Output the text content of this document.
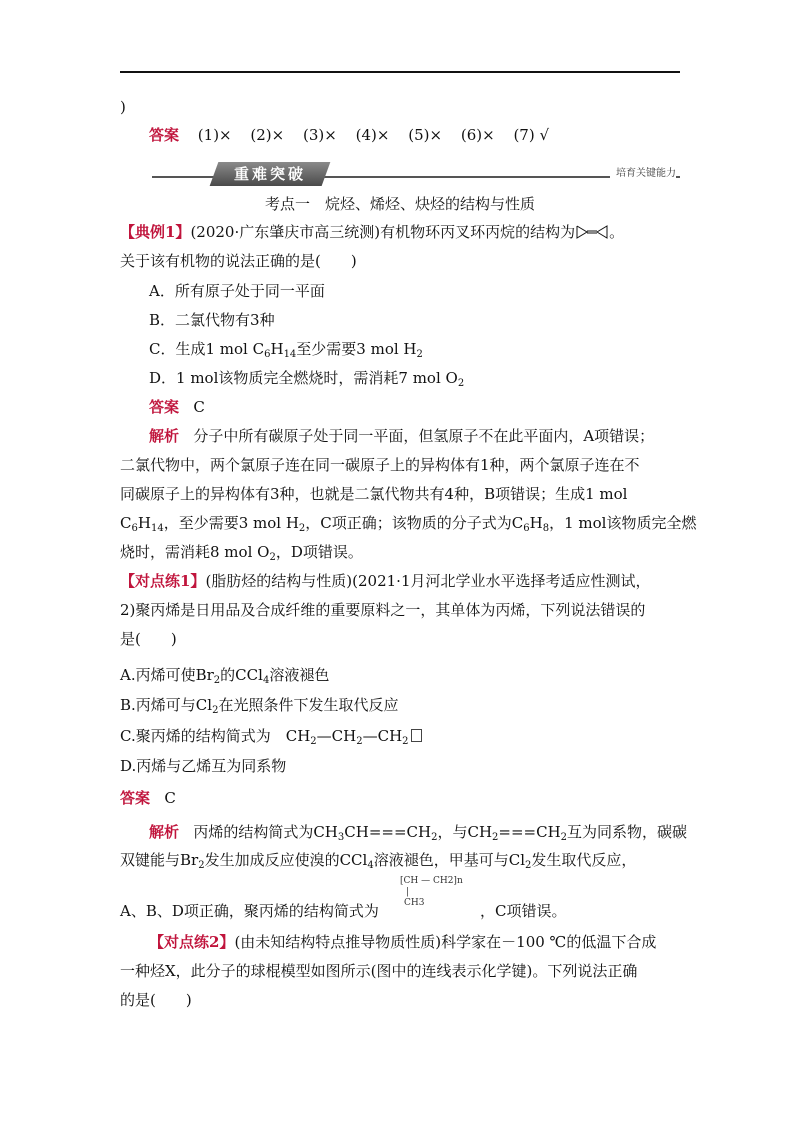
)
答案 (1)× (2)× (3)× (4)× (5)× (6)× (7) √
重难突破	培育关键能力
考点一　烷烃、烯烃、炔烃的结构与性质
【典例1】(2020·广东肇庆市高三统测)有机物环丙叉环丙烷的结构为 。
关于该有机物的说法正确的是(　　)
A．所有原子处于同一平面
B．二氯代物有3种
C．生成1 mol $C_6H_{14}$至少需要3 mol $H_2$
D．1 mol该物质完全燃烧时，需消耗7 mol $O_2$
答案 C
解析 分子中所有碳原子处于同一平面，但氢原子不在此平面内，A项错误；
二氯代物中，两个氯原子连在同一碳原子上的异构体有1种，两个氯原子连在不
同碳原子上的异构体有3种，也就是二氯代物共有4种，B项错误；生成1 mol
$C_6H_{14}$，至少需要3 mol $H_2$，C项正确；该物质的分子式为$C_6H_8$，1 mol该物质完全燃
烧时，需消耗8 mol $O_2$，D项错误。
【对点练1】(脂肪烃的结构与性质)(2021·1月河北学业水平选择考适应性测试，
2)聚丙烯是日用品及合成纤维的重要原料之一，其单体为丙烯，下列说法错误的
是(　　)
A.丙烯可使$Br_2$的CCl$_4$溶液褪色
B.丙烯可与$Cl_2$在光照条件下发生取代反应
C.聚丙烯的结构简式为　$CH_2—CH_2—CH_2$
D.丙烯与乙烯互为同系物
答案 C
解析   丙烯的结构简式为$CH_3CH===CH_2$，与$CH_2===CH_2$互为同系物，碳碳
双键能与$Br_2$发生加成反应使溴的CCl$_4$溶液褪色，甲基可与$Cl_2$发生取代反应，
[CH — CH2]n
|
CH3
A、B、D项正确，聚丙烯的结构简式为	，C项错误。
【对点练2】(由未知结构特点推导物质性质)科学家在－100 ℃的低温下合成
一种烃X，此分子的球棍模型如图所示(图中的连线表示化学键)。下列说法正确
的是(　　)
